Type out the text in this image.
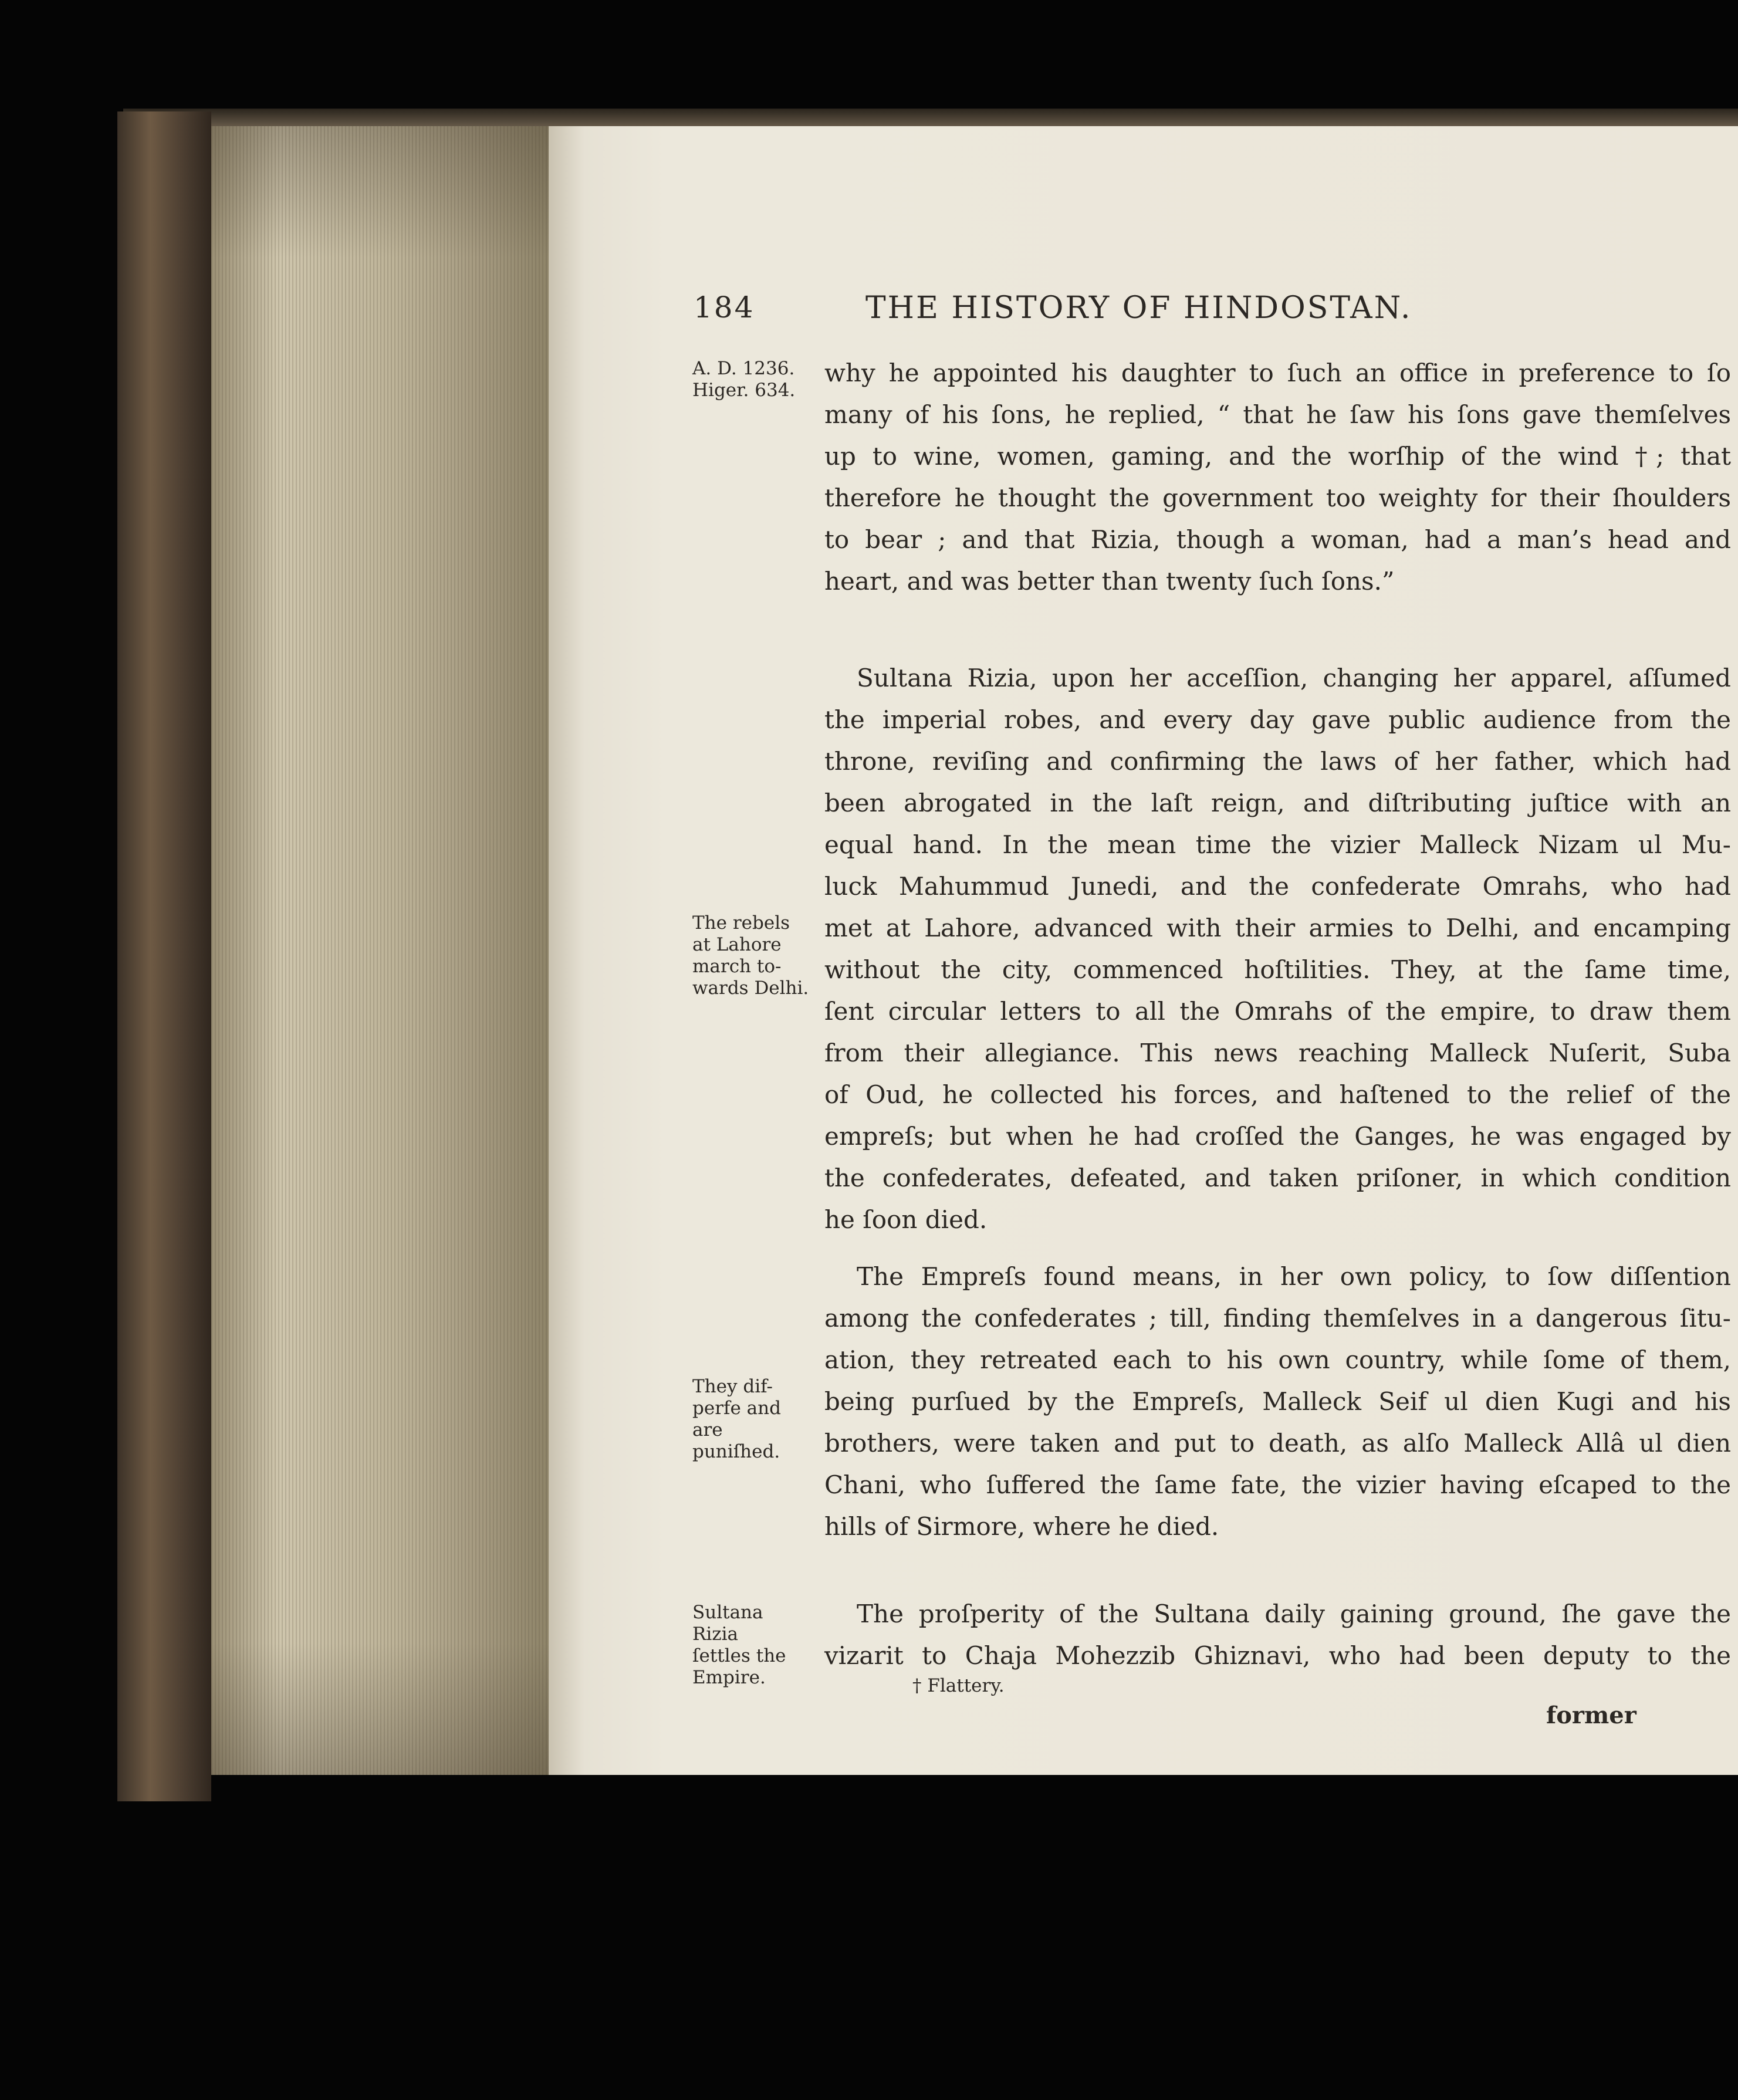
184	THE HISTORY OF HINDOSTAN.
A. D. 1236.
Higer. 634.
The rebels
at Lahore
march to-
wards Delhi.
They dif-
perfe and are
puniſhed.
Sultana Rizia
ſettles the
Empire.

why he appointed his daughter to ſuch an office in preference to ſo

many of his ſons, he replied, “ that he ſaw his ſons gave themſelves

up to wine, women, gaming, and the worſhip of the wind †; that

therefore he thought the government too weighty for their ſhoulders

to bear ; and that Rizia, though a woman, had a man’s head and

heart, and was better than twenty ſuch ſons.”

Sultana Rizia, upon her acceſſion, changing her apparel, aſſumed

the imperial robes, and every day gave public audience from the

throne, reviſing and confirming the laws of her father, which had

been abrogated in the laſt reign, and diſtributing juſtice with an

equal hand. In the mean time the vizier Malleck Nizam ul Mu-

luck Mahummud Junedi, and the confederate Omrahs, who had

met at Lahore, advanced with their armies to Delhi, and encamping

without the city, commenced hoſtilities. They, at the ſame time,

ſent circular letters to all the Omrahs of the empire, to draw them

from their allegiance. This news reaching Malleck Nuſerit, Suba

of Oud, he collected his forces, and haſtened to the relief of the

empreſs; but when he had croſſed the Ganges, he was engaged by

the confederates, defeated, and taken priſoner, in which condition

he ſoon died.

The Empreſs found means, in her own policy, to ſow diſſention

among the confederates ; till, finding themſelves in a dangerous ſitu-

ation, they retreated each to his own country, while ſome of them,

being purſued by the Empreſs, Malleck Seif ul dien Kugi and his

brothers, were taken and put to death, as alſo Malleck Allâ ul dien

Chani, who ſuffered the ſame fate, the vizier having eſcaped to the

hills of Sirmore, where he died.

The proſperity of the Sultana daily gaining ground, ſhe gave the

vizarit to Chaja Mohezzib Ghiznavi, who had been deputy to the

† Flattery.
former
